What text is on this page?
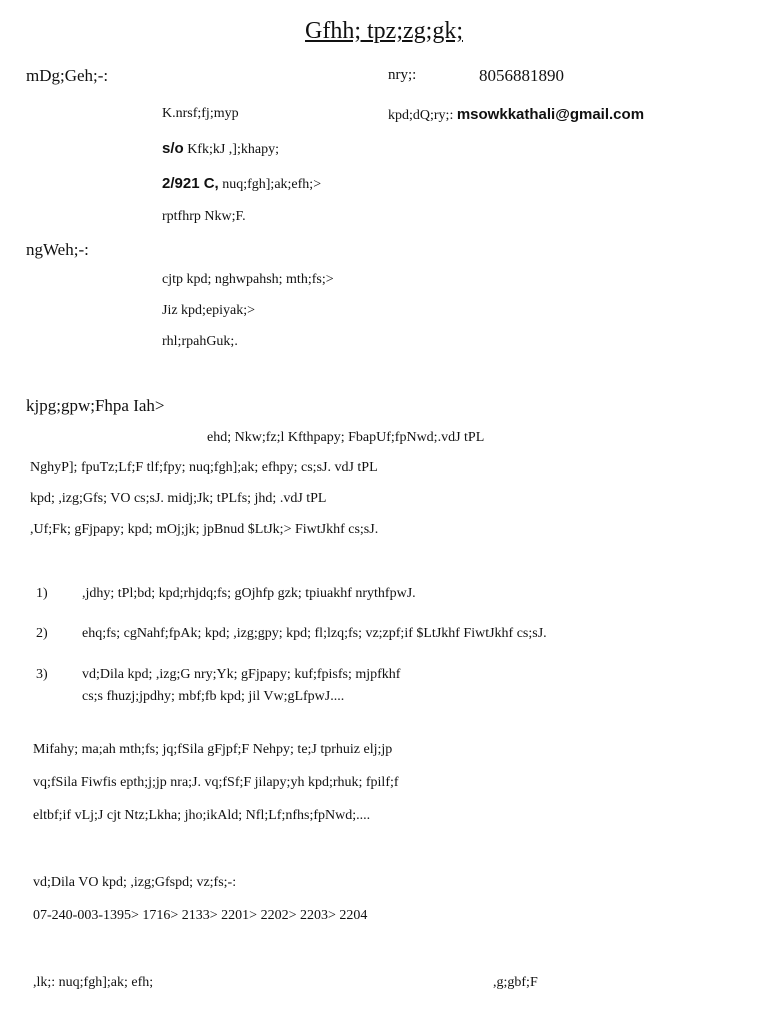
Gfhh; tpz;zg;gk;
mDg;Geh;-:	nry;:	8056881890
K.nrsf;fj;myp	kpd;dQ;ry;: msowkkathali@gmail.com
s/o Kfk;kJ ,];khapy;
2/921 C, nuq;fgh];ak;efh;>
rptfhrp Nkw;F.
ngWeh;-:
cjtp kpd; nghwpahsh; mth;fs;>
Jiz kpd;epiyak;>
rhl;rpahGuk;.
kjpg;gpw;Fhpa Iah>
ehd; Nkw;fz;l Kfthpapy; FbapUf;fpNwd;.vdJ tPL
NghyP]; fpuTz;Lf;F tlf;fpy; nuq;fgh];ak; efhpy; cs;sJ. vdJ tPL
kpd; ,izg;Gfs; VO cs;sJ. midj;Jk; tPLfs; jhd; .vdJ tPL
,Uf;Fk; gFjpapy; kpd; mOj;jk; jpBnud $LtJk;> FiwtJkhf cs;sJ.
1) ,jdhy; tPl;bd; kpd;rhjdq;fs; gOjhfp gzk; tpiuakhf nrythfpwJ.
2) ehq;fs; cgNahf;fpAk; kpd; ,izg;gpy; kpd; fl;lzq;fs; vz;zpf;if $LtJkhf FiwtJkhf cs;sJ.
3) vd;Dila kpd; ,izg;G nry;Yk; gFjpapy; kuf;fpisfs; mjpfkhf
cs;s fhuzj;jpdhy; mbf;fb kpd; jil Vw;gLfpwJ....
Mifahy; ma;ah mth;fs; jq;fSila gFjpf;F Nehpy; te;J tprhuiz elj;jp
vq;fSila Fiwfis epth;j;jp nra;J. vq;fSf;F jilapy;yh kpd;rhuk; fpilf;f
eltbf;if vLj;J cjt Ntz;Lkha; jho;ikAld; Nfl;Lf;nfhs;fpNwd;....
vd;Dila VO kpd; ,izg;Gfspd; vz;fs;-:
07-240-003-1395> 1716> 2133> 2201> 2202> 2203> 2204
,lk;: nuq;fgh];ak; efh;	,g;gbf;F
